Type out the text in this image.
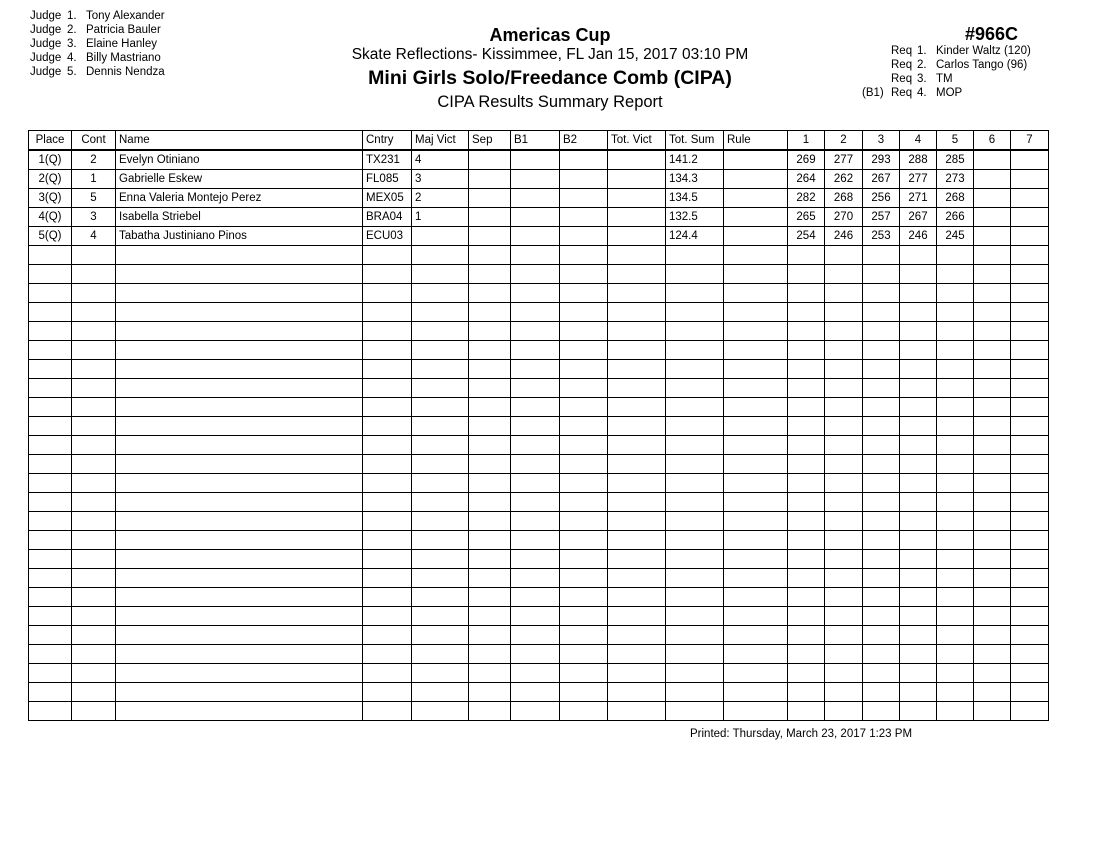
Judge 1. Tony Alexander
Judge 2. Patricia Bauler
Judge 3. Elaine Hanley
Judge 4. Billy Mastriano
Judge 5. Dennis Nendza
Americas Cup
Skate Reflections- Kissimmee, FL Jan 15, 2017 03:10 PM
Mini Girls Solo/Freedance Comb (CIPA)
CIPA Results Summary Report
#966C
Req 1. Kinder Waltz (120)
Req 2. Carlos Tango (96)
Req 3. TM
(B1) Req 4. MOP
Place	Cont	Name	Cntry	Maj Vict	Sep	B1	B2	Tot. Vict	Tot. Sum	Rule	1	2	3	4	5	6	7
1(Q)	2	Evelyn Otiniano	TX231	4					141.2		269	277	293	288	285		
2(Q)	1	Gabrielle Eskew	FL085	3					134.3		264	262	267	277	273		
3(Q)	5	Enna Valeria Montejo Perez	MEX05	2					134.5		282	268	256	271	268		
4(Q)	3	Isabella Striebel	BRA04	1					132.5		265	270	257	267	266		
5(Q)	4	Tabatha Justiniano Pinos	ECU03						124.4		254	246	253	246	245		

Printed: Thursday, March 23, 2017 1:23 PM
